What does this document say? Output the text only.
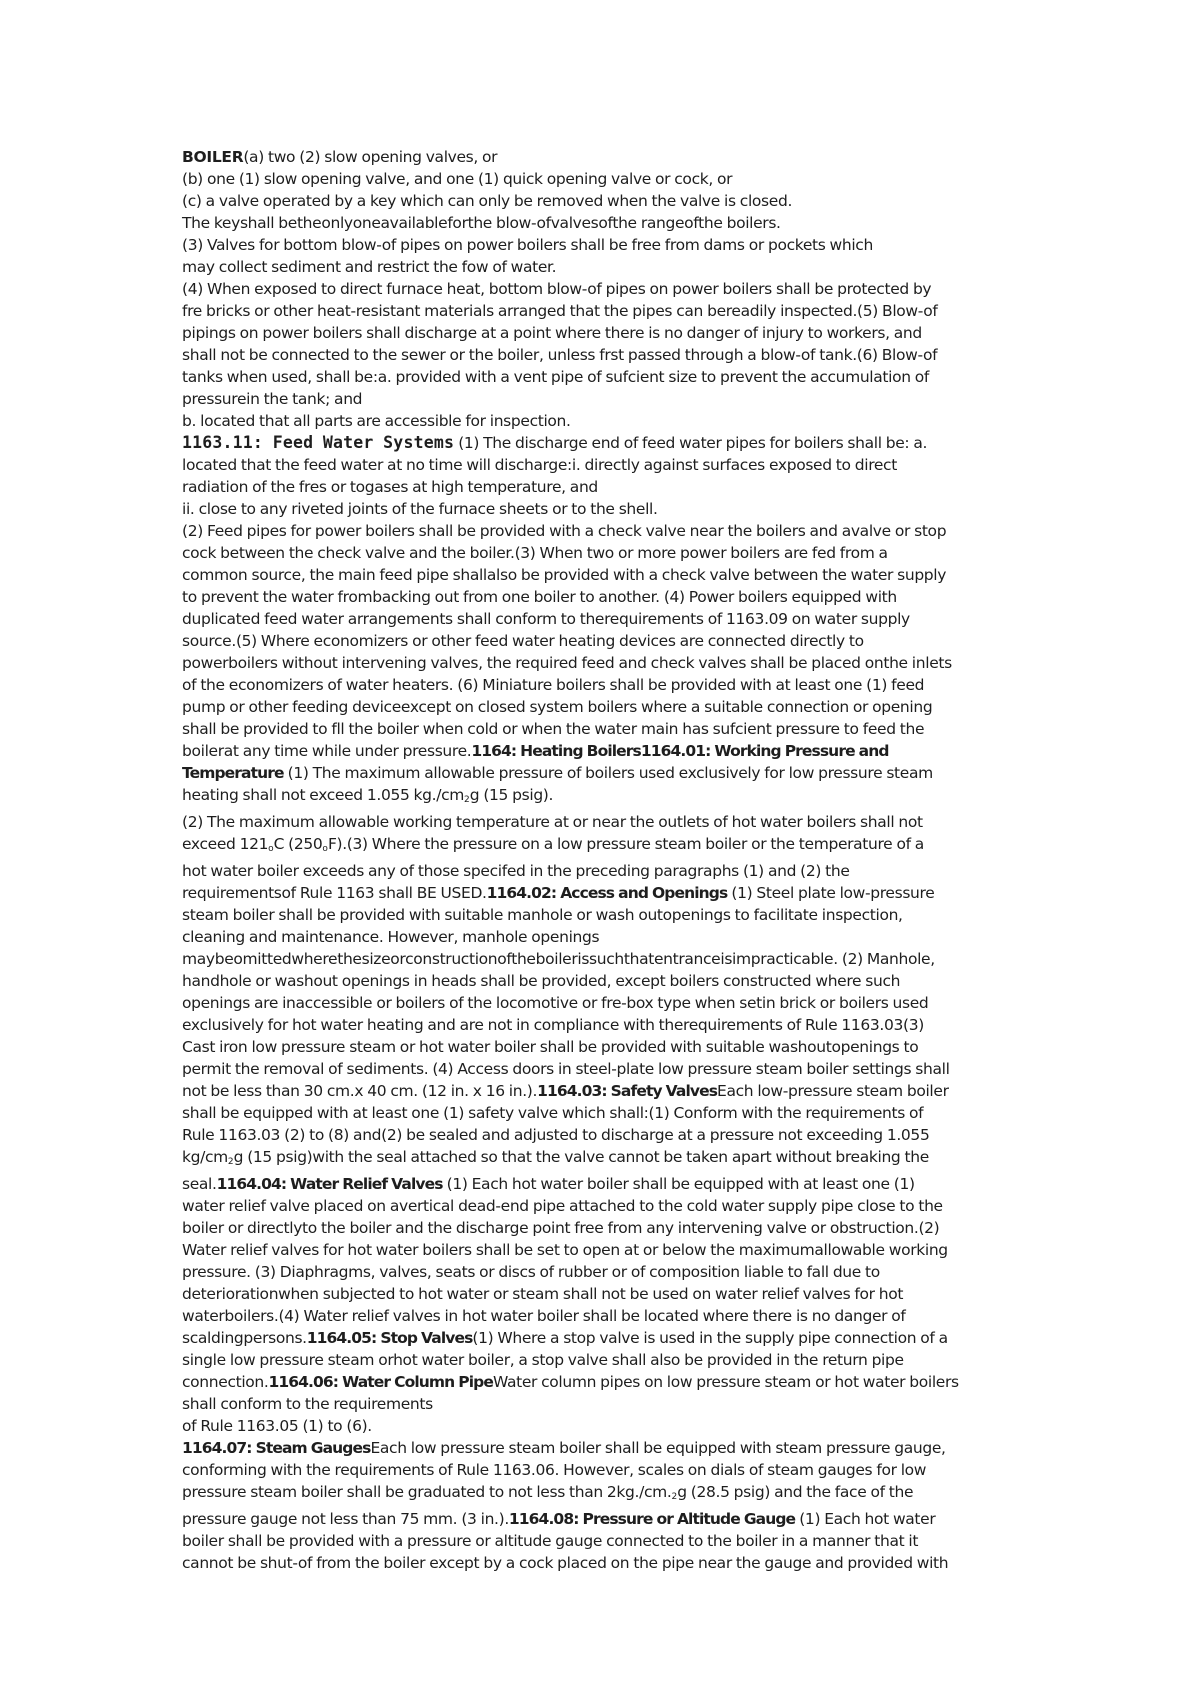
BOILER(a) two (2) slow opening valves, or
(b) one (1) slow opening valve, and one (1) quick opening valve or cock, or
(c) a valve operated by a key which can only be removed when the valve is closed.
The keyshall betheonlyoneavailableforthe blow-ofvalvesofthe rangeofthe boilers.
(3) Valves for bottom blow-of pipes on power boilers shall be free from dams or pockets which
may collect sediment and restrict the fow of water.
(4) When exposed to direct furnace heat, bottom blow-of pipes on power boilers shall be protected by
fre bricks or other heat-resistant materials arranged that the pipes can bereadily inspected.(5) Blow-of
pipings on power boilers shall discharge at a point where there is no danger of injury to workers, and
shall not be connected to the sewer or the boiler, unless frst passed through a blow-of tank.(6) Blow-of
tanks when used, shall be:a. provided with a vent pipe of sufcient size to prevent the accumulation of
pressurein the tank; and
b. located that all parts are accessible for inspection.
1163.11: Feed Water Systems (1) The discharge end of feed water pipes for boilers shall be: a.
located that the feed water at no time will discharge:i. directly against surfaces exposed to direct
radiation of the fres or togases at high temperature, and
ii. close to any riveted joints of the furnace sheets or to the shell.
(2) Feed pipes for power boilers shall be provided with a check valve near the boilers and avalve or stop
cock between the check valve and the boiler.(3) When two or more power boilers are fed from a
common source, the main feed pipe shallalso be provided with a check valve between the water supply
to prevent the water frombacking out from one boiler to another. (4) Power boilers equipped with
duplicated feed water arrangements shall conform to therequirements of 1163.09 on water supply
source.(5) Where economizers or other feed water heating devices are connected directly to
powerboilers without intervening valves, the required feed and check valves shall be placed onthe inlets
of the economizers of water heaters. (6) Miniature boilers shall be provided with at least one (1) feed
pump or other feeding deviceexcept on closed system boilers where a suitable connection or opening
shall be provided to fll the boiler when cold or when the water main has sufcient pressure to feed the
boilerat any time while under pressure.1164: Heating Boilers1164.01: Working Pressure and
Temperature (1) The maximum allowable pressure of boilers used exclusively for low pressure steam
heating shall not exceed 1.055 $kg./cm_2g$ (15 psig).
(2) The maximum allowable working temperature at or near the outlets of hot water boilers shall not
exceed $121_oC$ $(250_oF).(3)$ Where the pressure on a low pressure steam boiler or the temperature of a
hot water boiler exceeds any of those specifed in the preceding paragraphs (1) and (2) the
requirementsof Rule 1163 shall BE USED.1164.02: Access and Openings (1) Steel plate low-pressure
steam boiler shall be provided with suitable manhole or wash outopenings to facilitate inspection,
cleaning and maintenance. However, manhole openings
maybeomittedwherethesizeorconstructionoftheboilerissuchthatentranceisimpracticable. (2) Manhole,
handhole or washout openings in heads shall be provided, except boilers constructed where such
openings are inaccessible or boilers of the locomotive or fre-box type when setin brick or boilers used
exclusively for hot water heating and are not in compliance with therequirements of Rule 1163.03(3)
Cast iron low pressure steam or hot water boiler shall be provided with suitable washoutopenings to
permit the removal of sediments. (4) Access doors in steel-plate low pressure steam boiler settings shall
not be less than 30 cm.x 40 cm. (12 in. x 16 in.).1164.03: Safety ValvesEach low-pressure steam boiler
shall be equipped with at least one (1) safety valve which shall:(1) Conform with the requirements of
Rule 1163.03 (2) to (8) and(2) be sealed and adjusted to discharge at a pressure not exceeding 1.055
$kg/cm_2g$ (15 psig)with the seal attached so that the valve cannot be taken apart without breaking the
seal.1164.04: Water Relief Valves (1) Each hot water boiler shall be equipped with at least one (1)
water relief valve placed on avertical dead-end pipe attached to the cold water supply pipe close to the
boiler or directlyto the boiler and the discharge point free from any intervening valve or obstruction.(2)
Water relief valves for hot water boilers shall be set to open at or below the maximumallowable working
pressure. (3) Diaphragms, valves, seats or discs of rubber or of composition liable to fall due to
deteriorationwhen subjected to hot water or steam shall not be used on water relief valves for hot
waterboilers.(4) Water relief valves in hot water boiler shall be located where there is no danger of
scaldingpersons.1164.05: Stop Valves(1) Where a stop valve is used in the supply pipe connection of a
single low pressure steam orhot water boiler, a stop valve shall also be provided in the return pipe
connection.1164.06: Water Column PipeWater column pipes on low pressure steam or hot water boilers
shall conform to the requirements
of Rule 1163.05 (1) to (6).
1164.07: Steam GaugesEach low pressure steam boiler shall be equipped with steam pressure gauge,
conforming with the requirements of Rule 1163.06. However, scales on dials of steam gauges for low
pressure steam boiler shall be graduated to not less than $2kg./cm._2g$ (28.5 psig) and the face of the
pressure gauge not less than 75 mm. (3 in.).1164.08: Pressure or Altitude Gauge (1) Each hot water
boiler shall be provided with a pressure or altitude gauge connected to the boiler in a manner that it
cannot be shut-of from the boiler except by a cock placed on the pipe near the gauge and provided with
